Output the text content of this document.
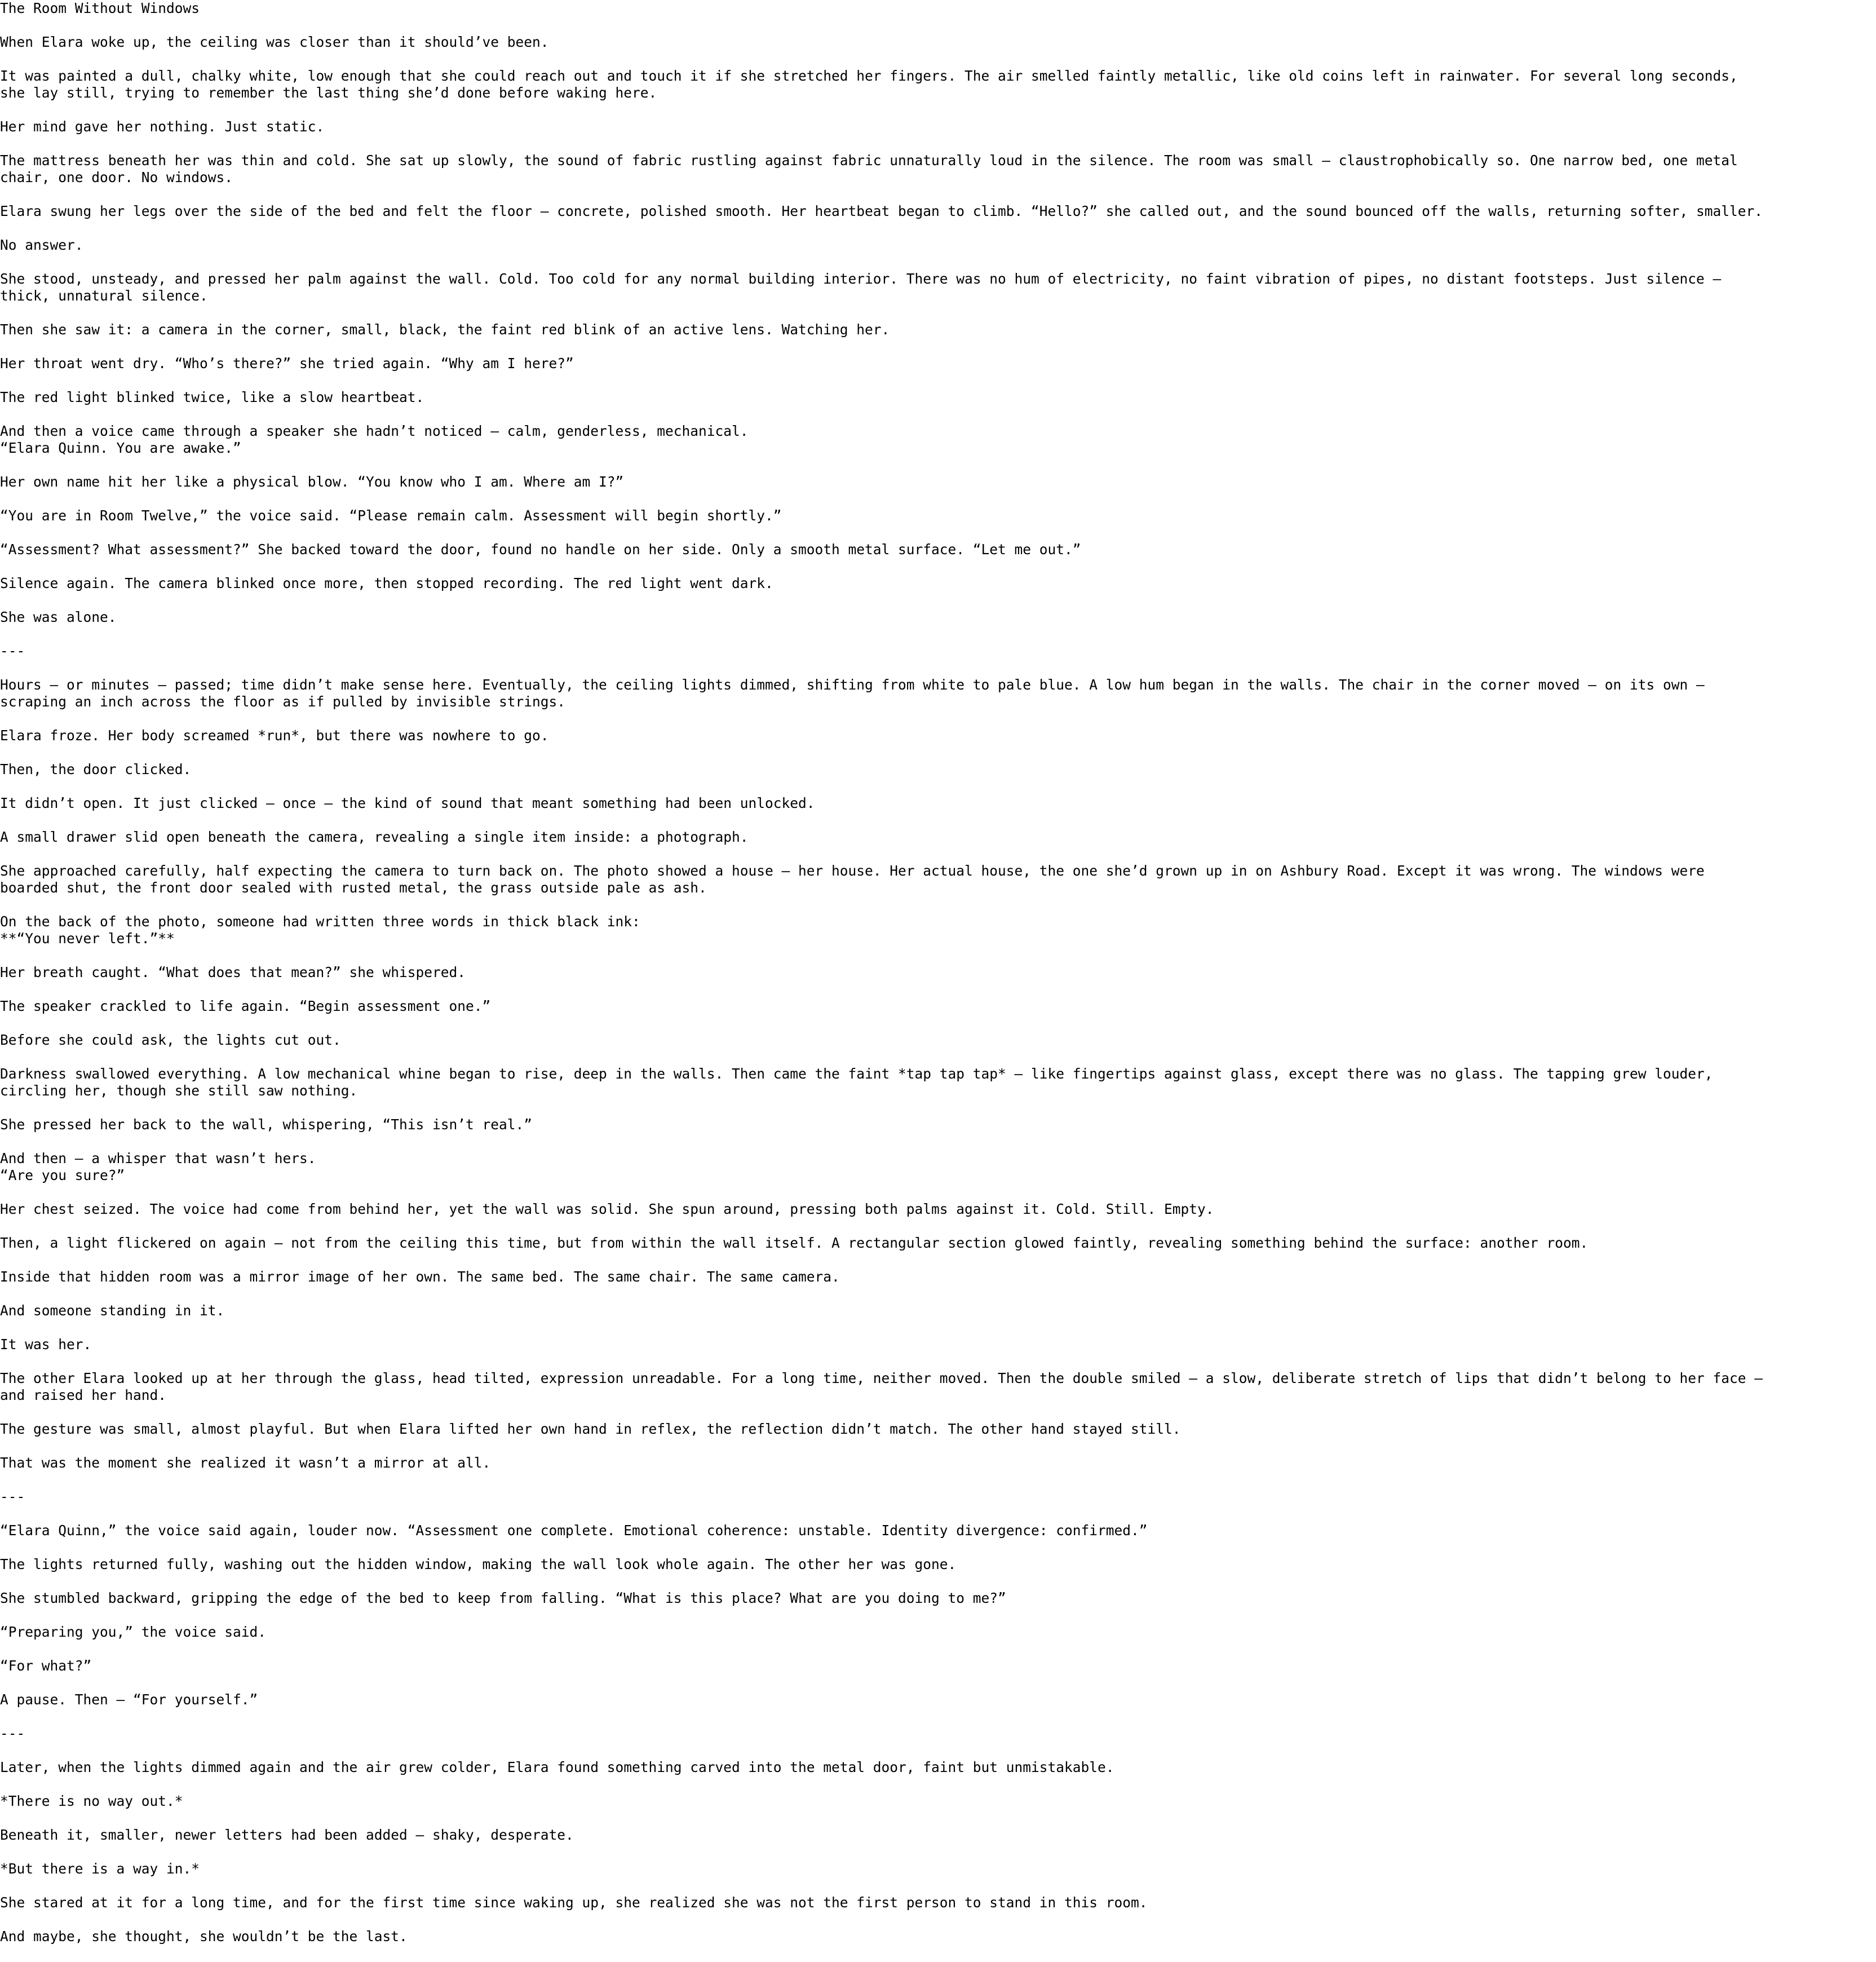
The Room Without Windows
When Elara woke up, the ceiling was closer than it should’ve been.
It was painted a dull, chalky white, low enough that she could reach out and touch it if she stretched her fingers. The air smelled faintly metallic, like old coins left in rainwater. For several long seconds,
she lay still, trying to remember the last thing she’d done before waking here.
Her mind gave her nothing. Just static.
The mattress beneath her was thin and cold. She sat up slowly, the sound of fabric rustling against fabric unnaturally loud in the silence. The room was small — claustrophobically so. One narrow bed, one metal
chair, one door. No windows.
Elara swung her legs over the side of the bed and felt the floor — concrete, polished smooth. Her heartbeat began to climb. “Hello?” she called out, and the sound bounced off the walls, returning softer, smaller.
No answer.
She stood, unsteady, and pressed her palm against the wall. Cold. Too cold for any normal building interior. There was no hum of electricity, no faint vibration of pipes, no distant footsteps. Just silence —
thick, unnatural silence.
Then she saw it: a camera in the corner, small, black, the faint red blink of an active lens. Watching her.
Her throat went dry. “Who’s there?” she tried again. “Why am I here?”
The red light blinked twice, like a slow heartbeat.
And then a voice came through a speaker she hadn’t noticed — calm, genderless, mechanical.
“Elara Quinn. You are awake.”
Her own name hit her like a physical blow. “You know who I am. Where am I?”
“You are in Room Twelve,” the voice said. “Please remain calm. Assessment will begin shortly.”
“Assessment? What assessment?” She backed toward the door, found no handle on her side. Only a smooth metal surface. “Let me out.”
Silence again. The camera blinked once more, then stopped recording. The red light went dark.
She was alone.
---
Hours — or minutes — passed; time didn’t make sense here. Eventually, the ceiling lights dimmed, shifting from white to pale blue. A low hum began in the walls. The chair in the corner moved — on its own —
scraping an inch across the floor as if pulled by invisible strings.
Elara froze. Her body screamed *run*, but there was nowhere to go.
Then, the door clicked.
It didn’t open. It just clicked — once — the kind of sound that meant something had been unlocked.
A small drawer slid open beneath the camera, revealing a single item inside: a photograph.
She approached carefully, half expecting the camera to turn back on. The photo showed a house — her house. Her actual house, the one she’d grown up in on Ashbury Road. Except it was wrong. The windows were
boarded shut, the front door sealed with rusted metal, the grass outside pale as ash.
On the back of the photo, someone had written three words in thick black ink:
**“You never left.”**
Her breath caught. “What does that mean?” she whispered.
The speaker crackled to life again. “Begin assessment one.”
Before she could ask, the lights cut out.
Darkness swallowed everything. A low mechanical whine began to rise, deep in the walls. Then came the faint *tap tap tap* — like fingertips against glass, except there was no glass. The tapping grew louder,
circling her, though she still saw nothing.
She pressed her back to the wall, whispering, “This isn’t real.”
And then — a whisper that wasn’t hers.
“Are you sure?”
Her chest seized. The voice had come from behind her, yet the wall was solid. She spun around, pressing both palms against it. Cold. Still. Empty.
Then, a light flickered on again — not from the ceiling this time, but from within the wall itself. A rectangular section glowed faintly, revealing something behind the surface: another room.
Inside that hidden room was a mirror image of her own. The same bed. The same chair. The same camera.
And someone standing in it.
It was her.
The other Elara looked up at her through the glass, head tilted, expression unreadable. For a long time, neither moved. Then the double smiled — a slow, deliberate stretch of lips that didn’t belong to her face —
and raised her hand.
The gesture was small, almost playful. But when Elara lifted her own hand in reflex, the reflection didn’t match. The other hand stayed still.
That was the moment she realized it wasn’t a mirror at all.
---
“Elara Quinn,” the voice said again, louder now. “Assessment one complete. Emotional coherence: unstable. Identity divergence: confirmed.”
The lights returned fully, washing out the hidden window, making the wall look whole again. The other her was gone.
She stumbled backward, gripping the edge of the bed to keep from falling. “What is this place? What are you doing to me?”
“Preparing you,” the voice said.
“For what?”
A pause. Then — “For yourself.”
---
Later, when the lights dimmed again and the air grew colder, Elara found something carved into the metal door, faint but unmistakable.
*There is no way out.*
Beneath it, smaller, newer letters had been added — shaky, desperate.
*But there is a way in.*
She stared at it for a long time, and for the first time since waking up, she realized she was not the first person to stand in this room.
And maybe, she thought, she wouldn’t be the last.
